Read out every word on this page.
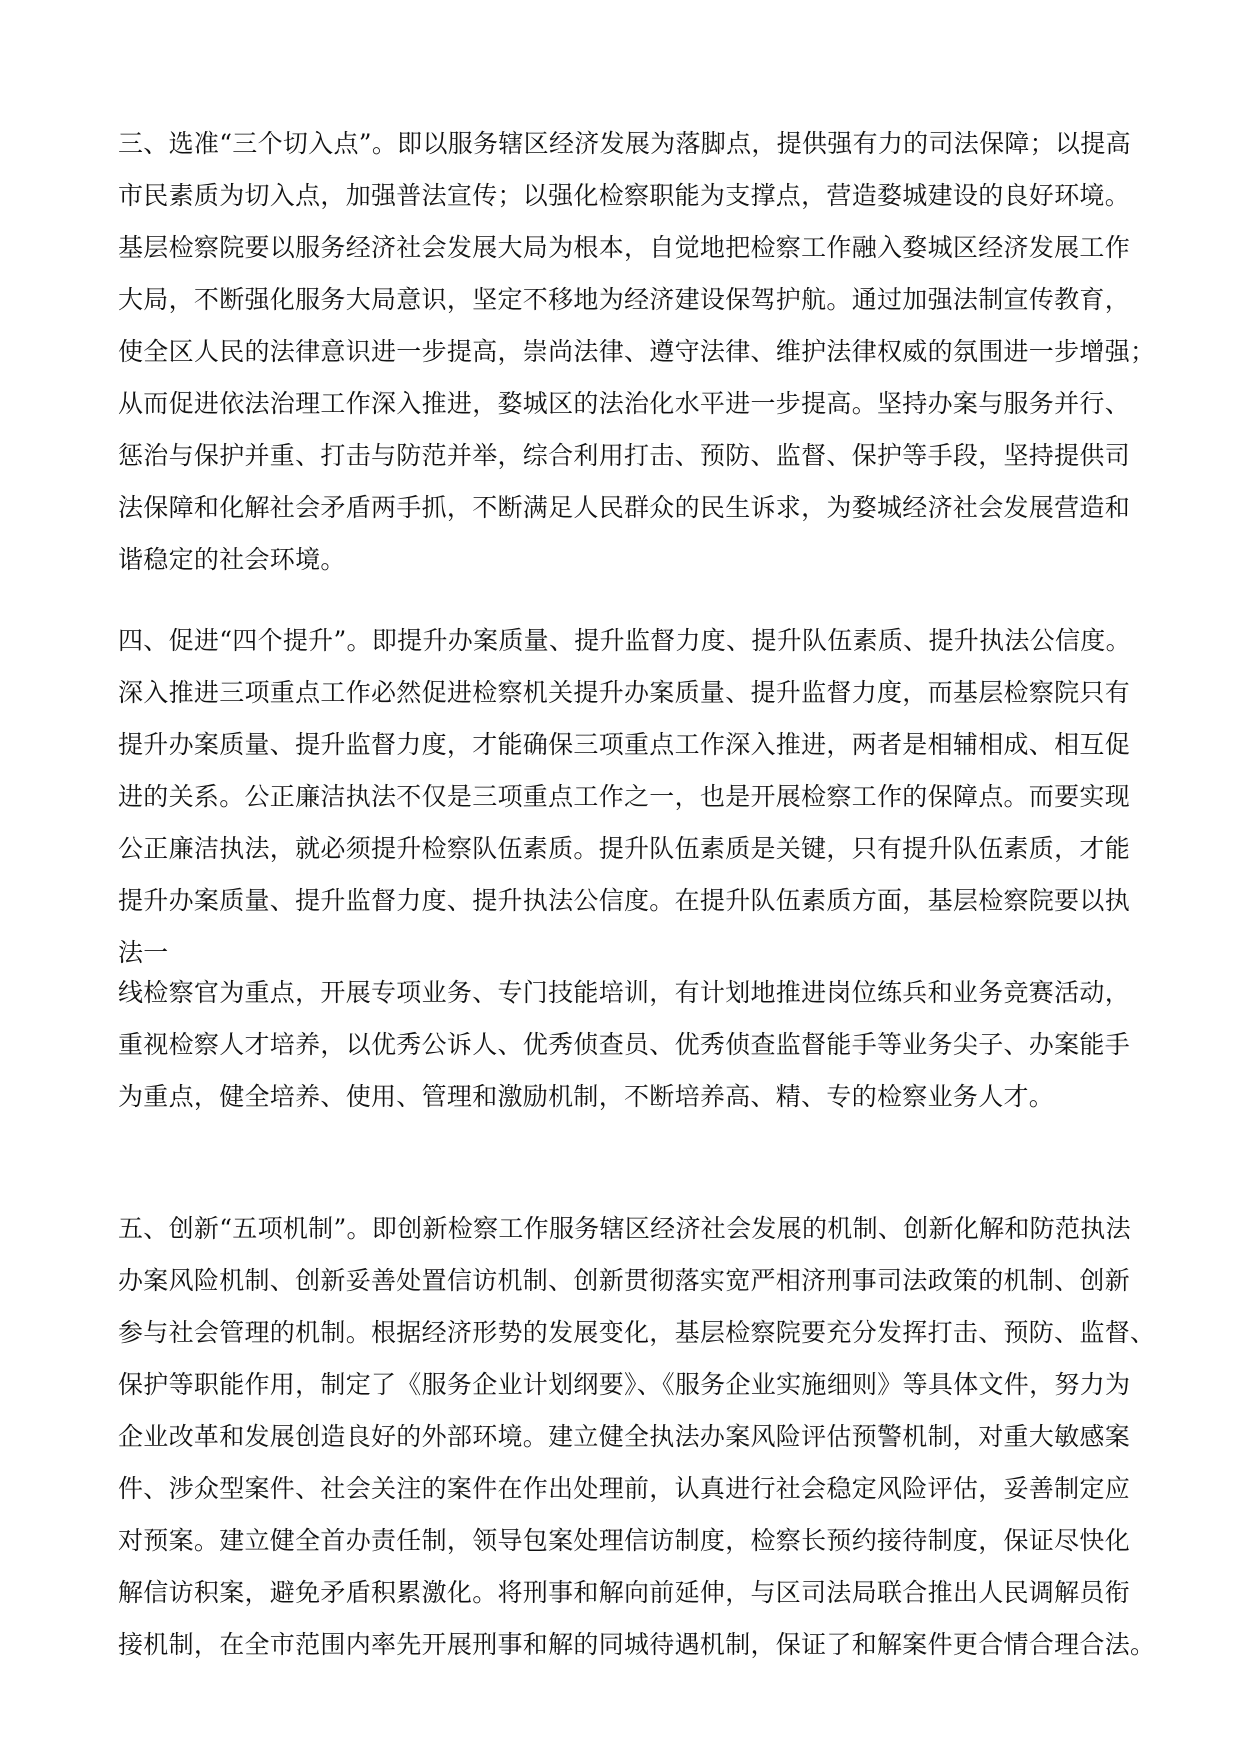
三、选准“三个切入点”。即以服务辖区经济发展为落脚点，提供强有力的司法保障；以提高
市民素质为切入点，加强普法宣传；以强化检察职能为支撑点，营造婺城建设的良好环境。
基层检察院要以服务经济社会发展大局为根本，自觉地把检察工作融入婺城区经济发展工作
大局，不断强化服务大局意识，坚定不移地为经济建设保驾护航。通过加强法制宣传教育，
使全区人民的法律意识进一步提高，崇尚法律、遵守法律、维护法律权威的氛围进一步增强；
从而促进依法治理工作深入推进，婺城区的法治化水平进一步提高。坚持办案与服务并行、
惩治与保护并重、打击与防范并举，综合利用打击、预防、监督、保护等手段，坚持提供司
法保障和化解社会矛盾两手抓，不断满足人民群众的民生诉求，为婺城经济社会发展营造和
谐稳定的社会环境。
四、促进“四个提升”。即提升办案质量、提升监督力度、提升队伍素质、提升执法公信度。
深入推进三项重点工作必然促进检察机关提升办案质量、提升监督力度，而基层检察院只有
提升办案质量、提升监督力度，才能确保三项重点工作深入推进，两者是相辅相成、相互促
进的关系。公正廉洁执法不仅是三项重点工作之一，也是开展检察工作的保障点。而要实现
公正廉洁执法，就必须提升检察队伍素质。提升队伍素质是关键，只有提升队伍素质，才能
提升办案质量、提升监督力度、提升执法公信度。在提升队伍素质方面，基层检察院要以执
法一
线检察官为重点，开展专项业务、专门技能培训，有计划地推进岗位练兵和业务竞赛活动，
重视检察人才培养，以优秀公诉人、优秀侦查员、优秀侦查监督能手等业务尖子、办案能手
为重点，健全培养、使用、管理和激励机制，不断培养高、精、专的检察业务人才。
五、创新“五项机制”。即创新检察工作服务辖区经济社会发展的机制、创新化解和防范执法
办案风险机制、创新妥善处置信访机制、创新贯彻落实宽严相济刑事司法政策的机制、创新
参与社会管理的机制。根据经济形势的发展变化，基层检察院要充分发挥打击、预防、监督、
保护等职能作用，制定了《服务企业计划纲要》、《服务企业实施细则》等具体文件，努力为
企业改革和发展创造良好的外部环境。建立健全执法办案风险评估预警机制，对重大敏感案
件、涉众型案件、社会关注的案件在作出处理前，认真进行社会稳定风险评估，妥善制定应
对预案。建立健全首办责任制，领导包案处理信访制度，检察长预约接待制度，保证尽快化
解信访积案，避免矛盾积累激化。将刑事和解向前延伸，与区司法局联合推出人民调解员衔
接机制，在全市范围内率先开展刑事和解的同城待遇机制，保证了和解案件更合情合理合法。
